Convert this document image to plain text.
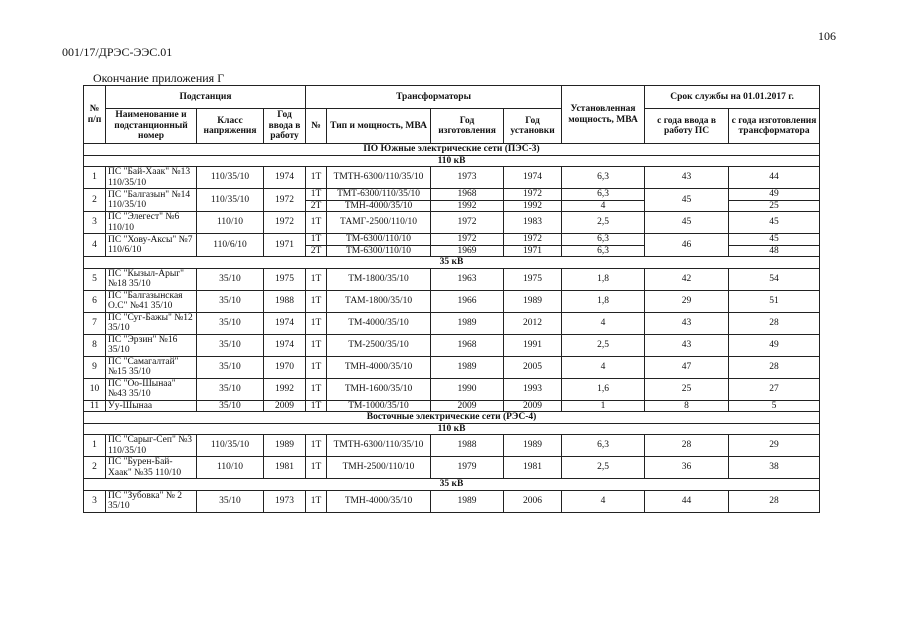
106
001/17/ДРЭС-ЭЭС.01
Окончание приложения Г
№ п/п	Подстанция			Трансформаторы				Установленная мощность, МВА	Срок службы на 01.01.2017 г.	
	Наименование и подстанционный номер	Класс напряжения	Год ввода в работу	№	Тип и мощность, МВА	Год изготовления	Год установки		с года ввода в работу ПС	с года изготовления трансформатора
ПО Южные электрические сети (ПЭС-3)										
110 кВ										
1	ПС "Бай-Хаак" №13 110/35/10	110/35/10	1974	1Т	ТМТН-6300/110/35/10	1973	1974	6,3	43	44
2	ПС "Балгазын" №14 110/35/10	110/35/10	1972	1Т	ТМТ-6300/110/35/10	1968	1972	6,3	45	49
				2Т	ТМН-4000/35/10	1992	1992	4		25
3	ПС "Элегест" №6 110/10	110/10	1972	1Т	ТАМГ-2500/110/10	1972	1983	2,5	45	45
4	ПС "Хову-Аксы" №7 110/6/10	110/6/10	1971	1Т	ТМ-6300/110/10	1972	1972	6,3	46	45
				2Т	ТМ-6300/110/10	1969	1971	6,3		48
35 кВ										
5	ПС "Кызыл-Арыг" №18 35/10	35/10	1975	1Т	ТМ-1800/35/10	1963	1975	1,8	42	54
6	ПС "Балгазынская О.С" №41 35/10	35/10	1988	1Т	ТАМ-1800/35/10	1966	1989	1,8	29	51
7	ПС "Суг-Бажы" №12 35/10	35/10	1974	1Т	ТМ-4000/35/10	1989	2012	4	43	28
8	ПС "Эрзин" №16 35/10	35/10	1974	1Т	ТМ-2500/35/10	1968	1991	2,5	43	49
9	ПС "Самагалтай" №15 35/10	35/10	1970	1Т	ТМН-4000/35/10	1989	2005	4	47	28
10	ПС "Оо-Шынаа" №43 35/10	35/10	1992	1Т	ТМН-1600/35/10	1990	1993	1,6	25	27
11	Уу-Шынаа	35/10	2009	1Т	ТМ-1000/35/10	2009	2009	1	8	5
Восточные электрические сети (РЭС-4)										
110 кВ										
1	ПС "Сарыг-Сеп" №3 110/35/10	110/35/10	1989	1Т	ТМТН-6300/110/35/10	1988	1989	6,3	28	29
2	ПС "Бурен-Бай-Хаак" №35 110/10	110/10	1981	1Т	ТМН-2500/110/10	1979	1981	2,5	36	38
35 кВ										
3	ПС "Зубовка" № 2 35/10	35/10	1973	1Т	ТМН-4000/35/10	1989	2006	4	44	28
